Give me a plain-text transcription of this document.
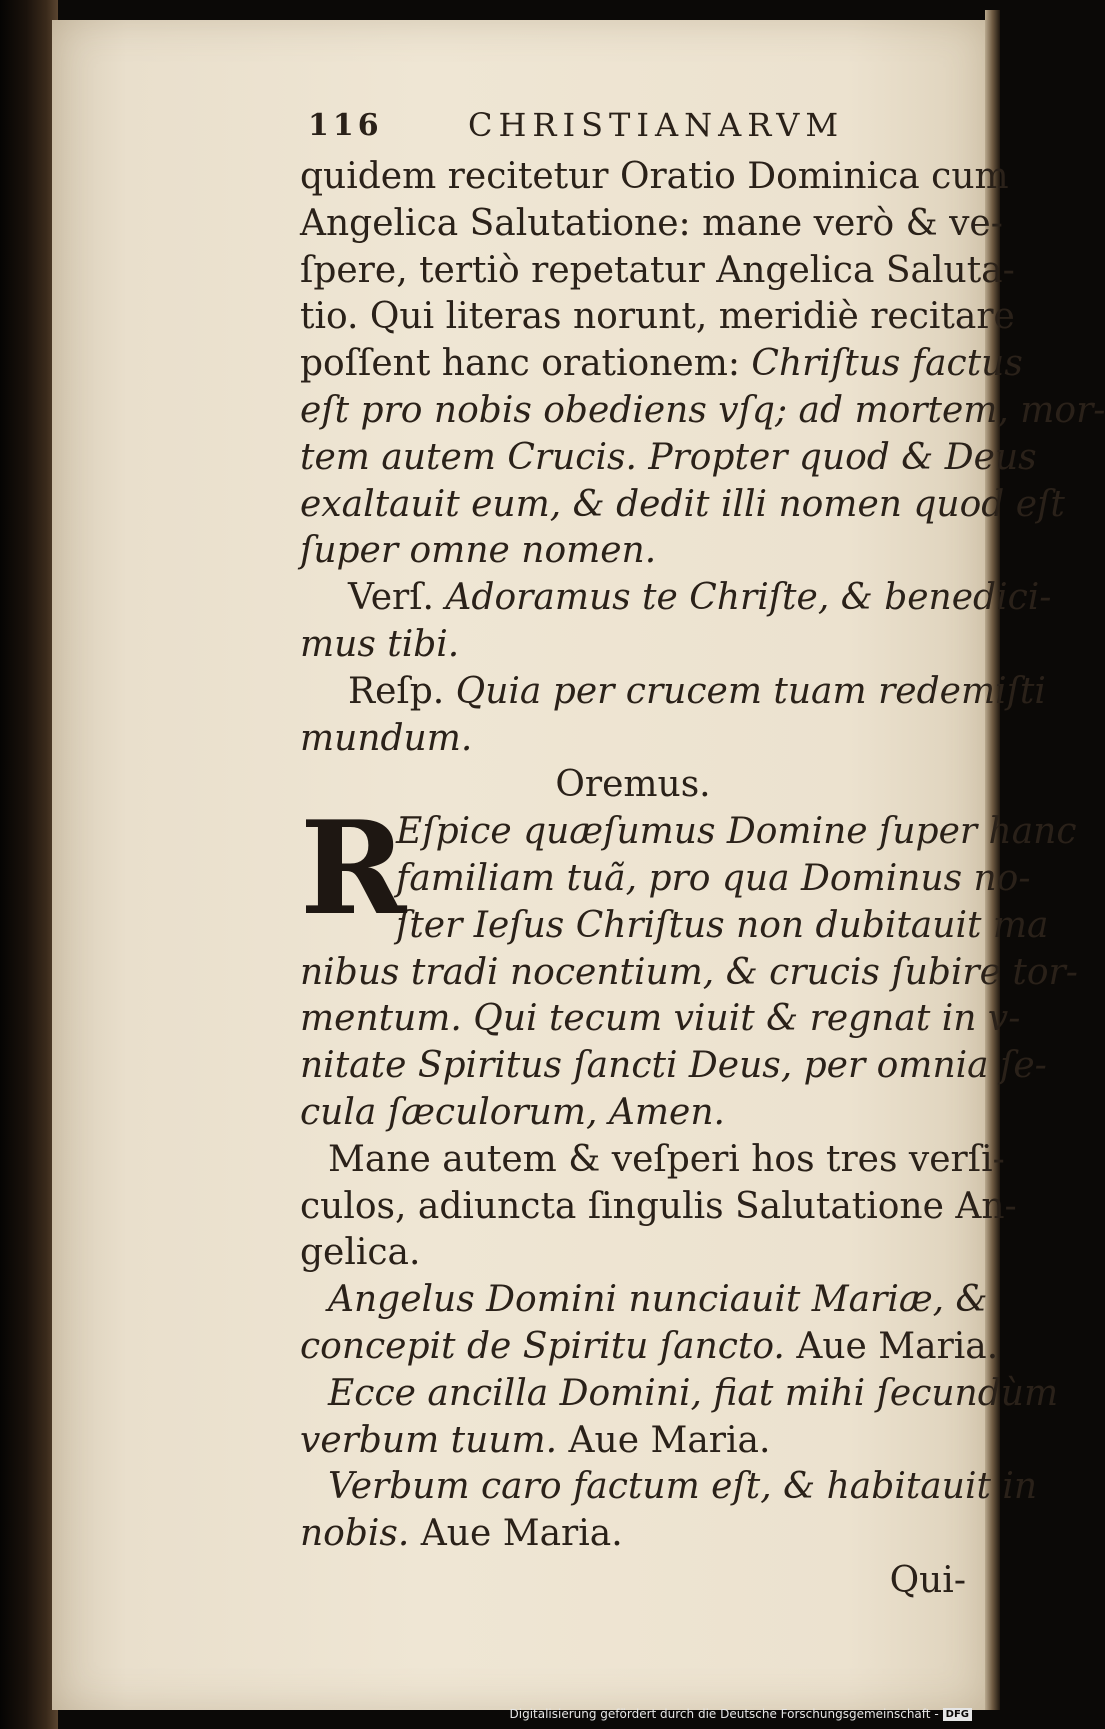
116	CHRISTIANARVM
quidem recitetur Oratio Dominica cum
Angelica Salutatione: mane verò & ve-
ſpere, tertiò repetatur Angelica Saluta-
tio. Qui literas norunt, meridiè recitare
poſſent hanc orationem: Chriſtus factus
eſt pro nobis obediens vſq; ad mortem, mor-
tem autem Crucis. Propter quod & Deus
exaltauit eum, & dedit illi nomen quod eſt
ſuper omne nomen.
Verſ. Adoramus te Chriſte, & benedici-
mus tibi.
Reſp. Quia per crucem tuam redemiſti
mundum.
Oremus.
R
Eſpice quæſumus Domine ſuper hanc
familiam tuã, pro qua Dominus no-
ſter Ieſus Chriſtus non dubitauit ma
nibus tradi nocentium, & crucis ſubire tor-
mentum. Qui tecum viuit & regnat in v-
nitate Spiritus ſancti Deus, per omnia ſe-
cula ſæculorum, Amen.
Mane autem & veſperi hos tres verſi-
culos, adiuncta ſingulis Salutatione An-
gelica.
Angelus Domini nunciauit Mariæ, &
concepit de Spiritu ſancto. Aue Maria.
Ecce ancilla Domini, fiat mihi ſecundùm
verbum tuum. Aue Maria.
Verbum caro factum eſt, & habitauit in
nobis. Aue Maria.
Qui-
Digitalisierung gefördert durch die Deutsche Forschungsgemeinschaft - DFG
